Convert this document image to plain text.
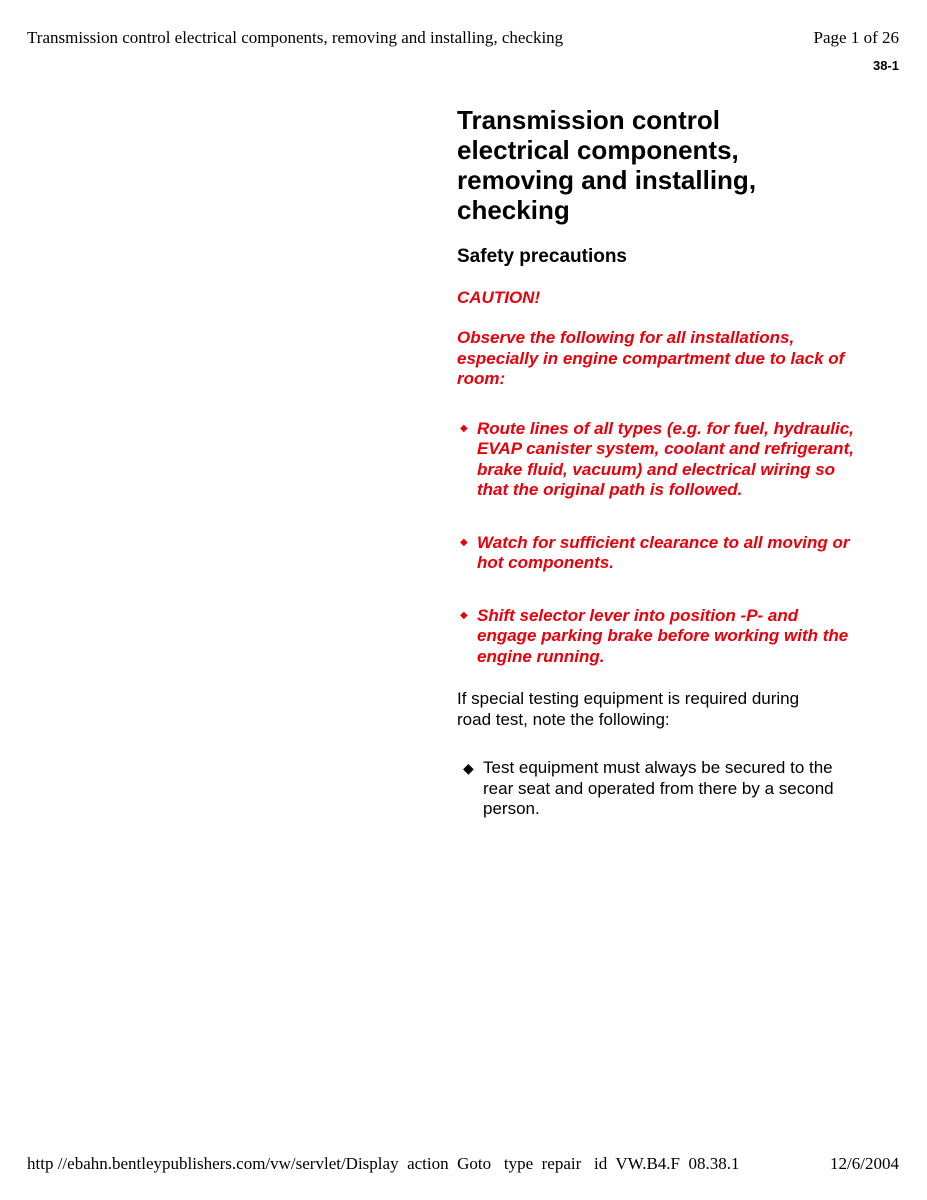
Transmission control electrical components, removing and installing, checking	Page 1 of 26
38-1
Transmission control electrical components, removing and installing, checking
Safety precautions

CAUTION!

Observe the following for all installations, especially in engine compartment due to lack of room:

◆ Route lines of all types (e.g. for fuel, hydraulic, EVAP canister system, coolant and refrigerant, brake fluid, vacuum) and electrical wiring so that the original path is followed.
◆ Watch for sufficient clearance to all moving or hot components.
◆ Shift selector lever into position -P- and engage parking brake before working with the engine running.

If special testing equipment is required during road test, note the following:

◆ Test equipment must always be secured to the rear seat and operated from there by a second person.
http //ebahn.bentleypublishers.com/vw/servlet/Display  action  Goto   type  repair   id  VW.B4.F  08.38.1	12/6/2004
